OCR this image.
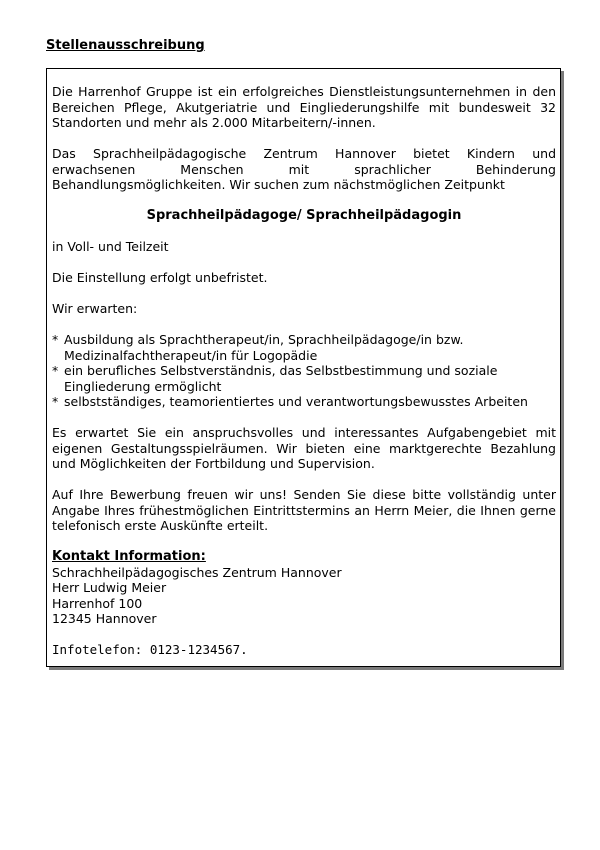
Stellenausschreibung

Die Harrenhof Gruppe ist ein erfolgreiches Dienstleistungsunternehmen in den Bereichen Pflege, Akutgeriatrie und Eingliederungshilfe mit bundesweit 32 Standorten und mehr als 2.000 Mitarbeitern/-innen.

Das Sprachheilpädagogische Zentrum Hannover bietet Kindern und erwachsenen Menschen mit sprachlicher Behinderung Behandlungsmöglichkeiten. Wir suchen zum nächstmöglichen Zeitpunkt

Sprachheilpädagoge/ Sprachheilpädagogin

in Voll- und Teilzeit

Die Einstellung erfolgt unbefristet.

Wir erwarten:

* Ausbildung als Sprachtherapeut/in, Sprachheilpädagoge/in bzw. Medizinalfachtherapeut/in für Logopädie
* ein berufliches Selbstverständnis, das Selbstbestimmung und soziale Eingliederung ermöglicht
* selbstständiges, teamorientiertes und verantwortungsbewusstes Arbeiten

Es erwartet Sie ein anspruchsvolles und interessantes Aufgabengebiet mit eigenen Gestaltungsspielräumen. Wir bieten eine marktgerechte Bezahlung und Möglichkeiten der Fortbildung und Supervision.

Auf Ihre Bewerbung freuen wir uns! Senden Sie diese bitte vollständig unter Angabe Ihres frühestmöglichen Eintrittstermins an Herrn Meier, die Ihnen gerne telefonisch erste Auskünfte erteilt.

Kontakt Information:

Schrachheilpädagogisches Zentrum Hannover

Herr Ludwig Meier

Harrenhof 100

12345 Hannover

Infotelefon: 0123-1234567.
